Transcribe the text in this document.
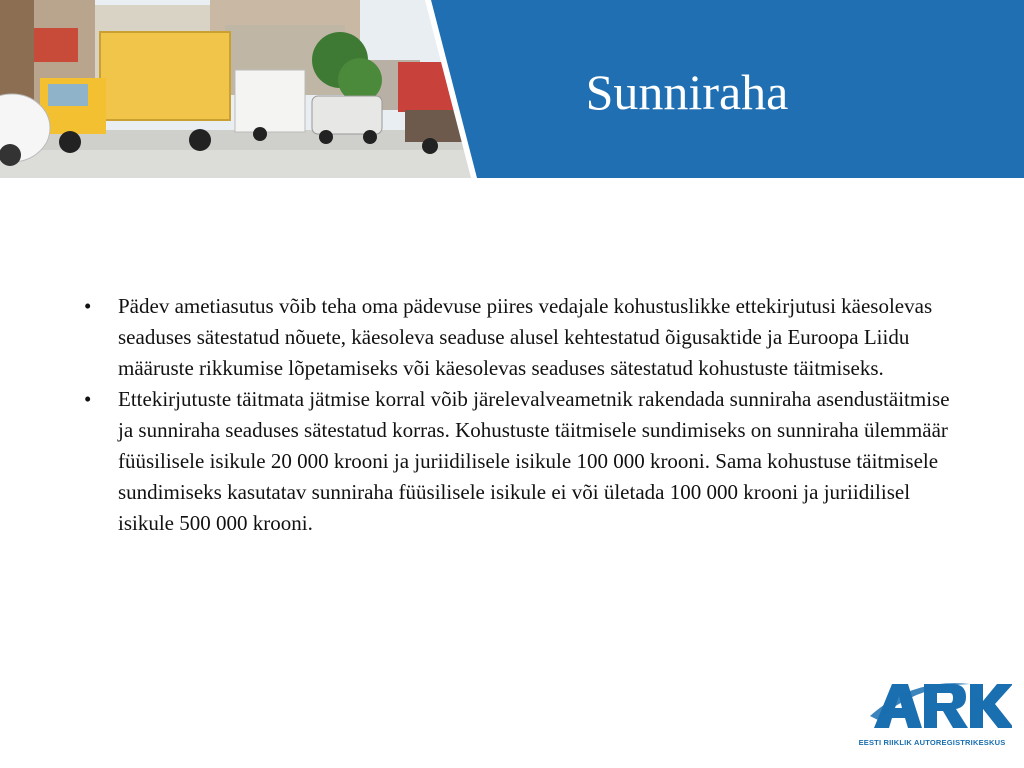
Sunniraha
• Pädev ametiasutus võib teha oma pädevuse piires vedajale kohustuslikke ettekirjutusi käesolevas seaduses sätestatud nõuete, käesoleva seaduse alusel kehtestatud õigusaktide ja Euroopa Liidu määruste rikkumise lõpetamiseks või käesolevas seaduses sätestatud kohustuste täitmiseks.
• Ettekirjutuste täitmata jätmise korral võib järelevalveametnik rakendada sunniraha asendustäitmise ja sunniraha seaduses sätestatud korras. Kohustuste täitmisele sundimiseks on sunniraha ülemmäär füüsilisele isikule 20 000 krooni ja juriidilisele isikule 100 000 krooni. Sama kohustuse täitmisele sundimiseks kasutatav sunniraha füüsilisele isikule ei või ületada 100 000 krooni ja juriidilisel isikule 500 000 krooni.
EESTI RIIKLIK AUTOREGISTRIKESKUS
